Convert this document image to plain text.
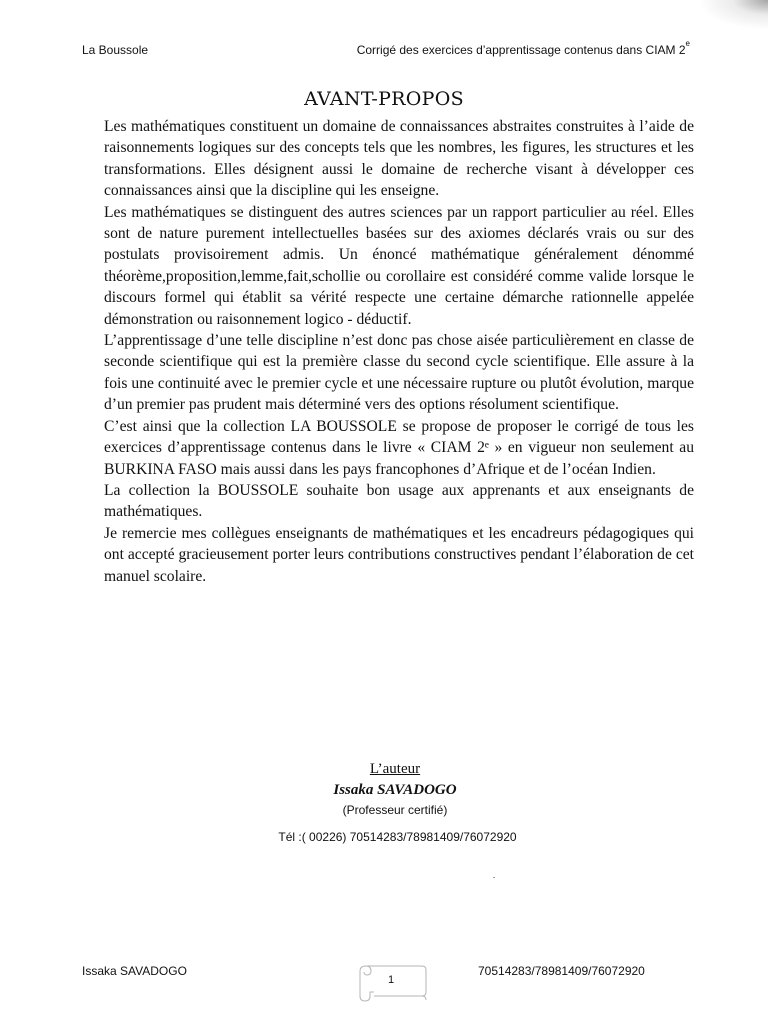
La Boussole	Corrigé des exercices d’apprentissage contenus dans CIAM 2e
AVANT-PROPOS

Les mathématiques constituent un domaine de connaissances abstraites construites à l’aide de raisonnements logiques sur des concepts tels que les nombres, les figures, les structures et les transformations. Elles désignent aussi le domaine de recherche visant à développer ces connaissances ainsi que la discipline qui les enseigne.

Les mathématiques se distinguent des autres sciences par un rapport particulier au réel. Elles sont de nature purement intellectuelles basées sur des axiomes déclarés vrais ou sur des postulats provisoirement admis. Un énoncé mathématique généralement dénommé théorème,proposition,lemme,fait,schollie ou corollaire est considéré comme valide lorsque le discours formel qui établit sa vérité respecte une certaine démarche rationnelle appelée démonstration ou raisonnement logico - déductif.

L’apprentissage d’une telle discipline n’est donc pas chose aisée particulièrement en classe de seconde scientifique qui est la première classe du second cycle scientifique. Elle assure à la fois une continuité avec le premier cycle et une nécessaire rupture ou plutôt évolution, marque d’un premier pas prudent mais déterminé vers des options résolument scientifique.

C’est ainsi que la collection LA BOUSSOLE se propose de proposer le corrigé de tous les exercices d’apprentissage contenus dans le livre « CIAM 2ᵉ » en vigueur non seulement au BURKINA FASO mais aussi dans les pays francophones d’Afrique et de l’océan Indien.

La collection la BOUSSOLE souhaite bon usage aux apprenants et aux enseignants de mathématiques.

Je remercie mes collègues enseignants de mathématiques et les encadreurs pédagogiques qui ont accepté gracieusement porter leurs contributions constructives pendant l’élaboration de cet manuel scolaire.

L’auteur
Issaka SAVADOGO
(Professeur certifié)
Tél :( 00226) 70514283/78981409/76072920
Issaka SAVADOGO	70514283/78981409/76072920
1
